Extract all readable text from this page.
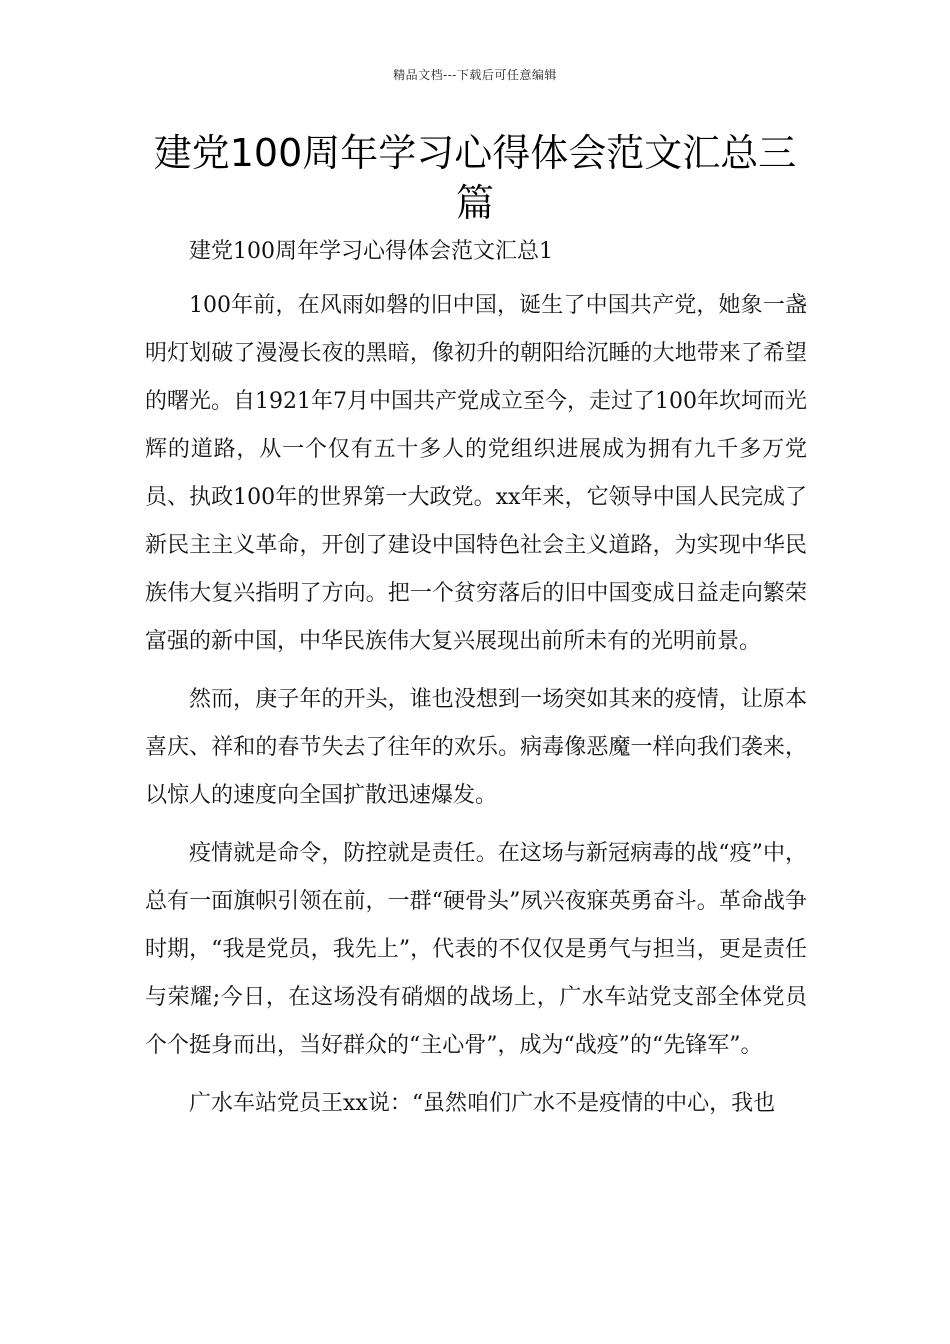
精品文档---下载后可任意编辑
建党100周年学习心得体会范文汇总三篇

建党100周年学习心得体会范文汇总1

100年前，在风雨如磐的旧中国，诞生了中国共产党，她象一盏明灯划破了漫漫长夜的黑暗，像初升的朝阳给沉睡的大地带来了希望的曙光。自1921年7月中国共产党成立至今，走过了100年坎坷而光辉的道路，从一个仅有五十多人的党组织进展成为拥有九千多万党员、执政100年的世界第一大政党。xx年来，它领导中国人民完成了新民主主义革命，开创了建设中国特色社会主义道路，为实现中华民族伟大复兴指明了方向。把一个贫穷落后的旧中国变成日益走向繁荣富强的新中国，中华民族伟大复兴展现出前所未有的光明前景。

然而，庚子年的开头，谁也没想到一场突如其来的疫情，让原本喜庆、祥和的春节失去了往年的欢乐。病毒像恶魔一样向我们袭来，以惊人的速度向全国扩散迅速爆发。

疫情就是命令，防控就是责任。在这场与新冠病毒的战“疫”中，总有一面旗帜引领在前，一群“硬骨头”夙兴夜寐英勇奋斗。革命战争时期，“我是党员，我先上”，代表的不仅仅是勇气与担当，更是责任与荣耀;今日，在这场没有硝烟的战场上，广水车站党支部全体党员个个挺身而出，当好群众的“主心骨”，成为“战疫”的“先锋军”。

广水车站党员王xx说：“虽然咱们广水不是疫情的中心，我也
